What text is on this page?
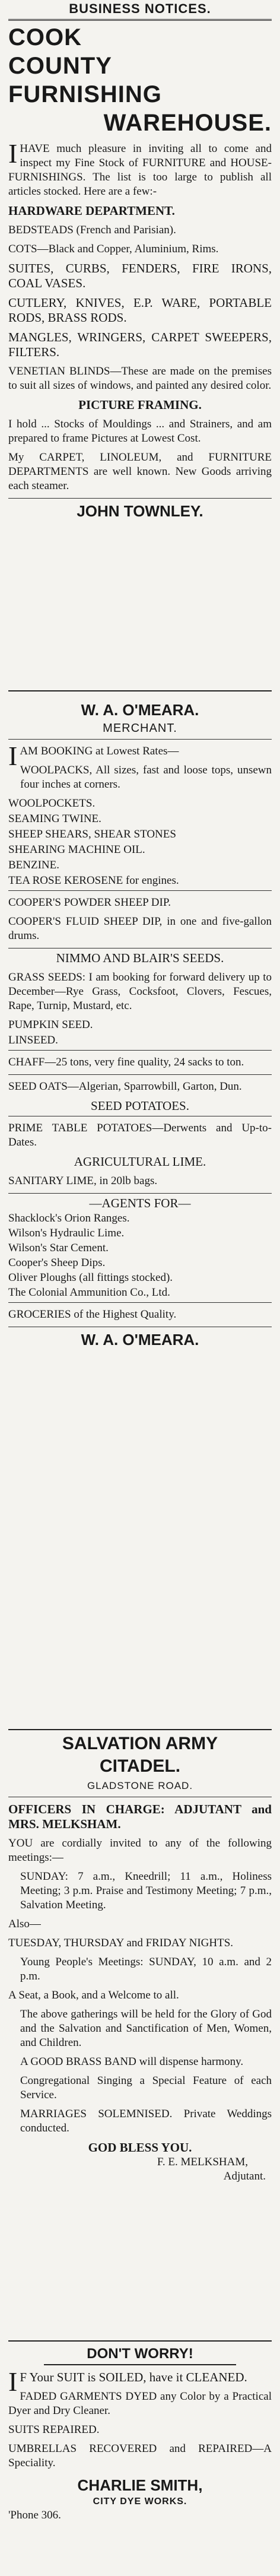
BUSINESS NOTICES.
COOK
COUNTY
FURNISHING
WAREHOUSE.

IHAVE much pleasure in inviting all to come and inspect my Fine Stock of FURNITURE and HOUSE-FURNISHINGS. The list is too large to publish all articles stocked. Here are a few:-

HARDWARE DEPARTMENT.

BEDSTEADS (French and Parisian).

COTS—Black and Copper, Aluminium, Rims.

SUITES, CURBS, FENDERS, FIRE IRONS, COAL VASES.

CUTLERY, KNIVES, E.P. WARE, PORTABLE RODS, BRASS RODS.

MANGLES, WRINGERS, CARPET SWEEPERS, FILTERS.

VENETIAN BLINDS—These are made on the premises to suit all sizes of windows, and painted any desired color.

PICTURE FRAMING.

I hold ... Stocks of Mouldings ... and Strainers, and am prepared to frame Pictures at Lowest Cost.

My CARPET, LINOLEUM, and FURNITURE DEPARTMENTS are well known. New Goods arriving each steamer.

JOHN TOWNLEY.
W. A. O'MEARA.
MERCHANT.

IAM BOOKING at Lowest Rates—

WOOLPACKS, All sizes, fast and loose tops, unsewn four inches at corners.

WOOLPOCKETS.

SEAMING TWINE.

SHEEP SHEARS, SHEAR STONES

SHEARING MACHINE OIL.

BENZINE.

TEA ROSE KEROSENE for engines.

COOPER'S POWDER SHEEP DIP.

COOPER'S FLUID SHEEP DIP, in one and five-gallon drums.

NIMMO AND BLAIR'S SEEDS.

GRASS SEEDS: I am booking for forward delivery up to December—Rye Grass, Cocksfoot, Clovers, Fescues, Rape, Turnip, Mustard, etc.

PUMPKIN SEED.

LINSEED.

CHAFF—25 tons, very fine quality, 24 sacks to ton.

SEED OATS—Algerian, Sparrowbill, Garton, Dun.

SEED POTATOES.

PRIME TABLE POTATOES—Derwents and Up-to-Dates.

AGRICULTURAL LIME.

SANITARY LIME, in 20lb bags.

—AGENTS FOR—

Shacklock's Orion Ranges.

Wilson's Hydraulic Lime.

Wilson's Star Cement.

Cooper's Sheep Dips.

Oliver Ploughs (all fittings stocked).

The Colonial Ammunition Co., Ltd.

GROCERIES of the Highest Quality.

W. A. O'MEARA.
SALVATION ARMY
CITADEL.
GLADSTONE ROAD.

OFFICERS IN CHARGE: ADJUTANT and MRS. MELKSHAM.

YOU are cordially invited to any of the following meetings:—

SUNDAY: 7 a.m., Kneedrill; 11 a.m., Holiness Meeting; 3 p.m. Praise and Testimony Meeting; 7 p.m., Salvation Meeting.

Also—

TUESDAY, THURSDAY and FRIDAY NIGHTS.

Young People's Meetings: SUNDAY, 10 a.m. and 2 p.m.

A Seat, a Book, and a Welcome to all.

The above gatherings will be held for the Glory of God and the Salvation and Sanctification of Men, Women, and Children.

A GOOD BRASS BAND will dispense harmony.

Congregational Singing a Special Feature of each Service.

MARRIAGES SOLEMNISED. Private Weddings conducted.

GOD BLESS YOU.
F. E. MELKSHAM,
Adjutant.
DON'T WORRY!

IF Your SUIT is SOILED, have it CLEANED.

FADED GARMENTS DYED any Color by a Practical Dyer and Dry Cleaner.

SUITS REPAIRED.

UMBRELLAS RECOVERED and REPAIRED—A Speciality.

CHARLIE SMITH,
CITY DYE WORKS.
'Phone 306.
